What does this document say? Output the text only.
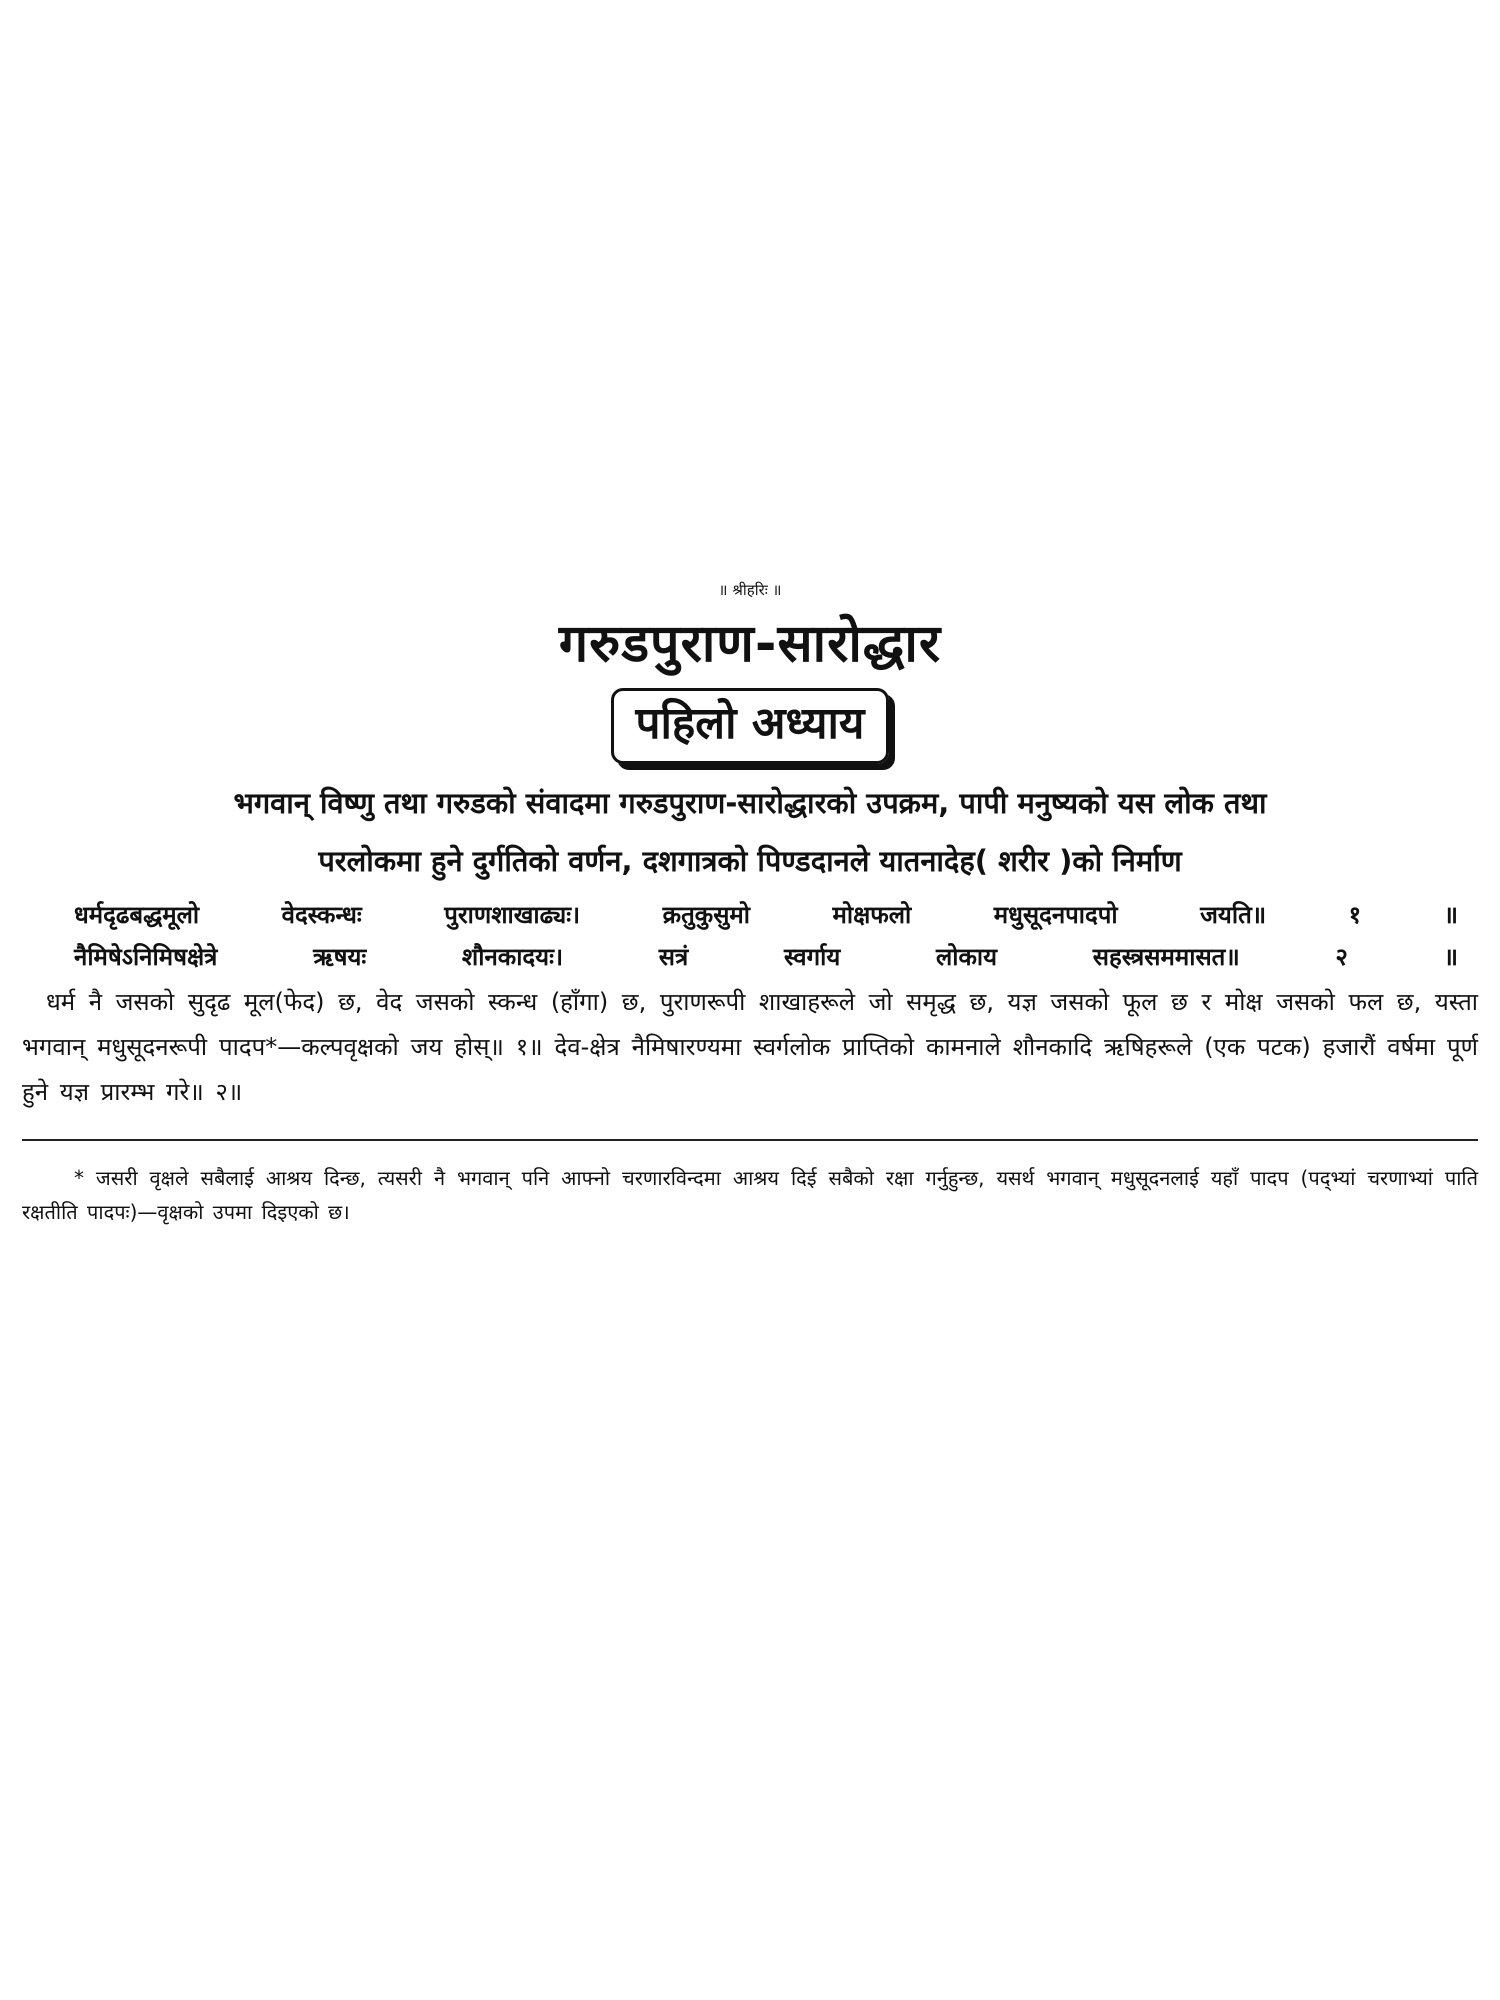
॥ श्रीहरिः ॥
गरुडपुराण-सारोद्धार
पहिलो अध्याय
भगवान् विष्णु तथा गरुडको संवादमा गरुडपुराण-सारोद्धारको उपक्रम, पापी मनुष्यको यस लोक तथा
परलोकमा हुने दुर्गतिको वर्णन, दशगात्रको पिण्डदानले यातनादेह( शरीर )को निर्माण
धर्मदृढबद्धमूलो वेदस्कन्धः पुराणशाखाढ्यः। क्रतुकुसुमो मोक्षफलो मधुसूदनपादपो जयति॥ १ ॥
नैमिषेऽनिमिषक्षेत्रे ऋषयः शौनकादयः। सत्रं स्वर्गाय लोकाय सहस्त्रसममासत॥ २ ॥

धर्म नै जसको सुदृढ मूल(फेद) छ, वेद जसको स्कन्ध (हाँगा) छ, पुराणरूपी शाखाहरूले जो समृद्ध छ, यज्ञ जसको फूल छ र मोक्ष जसको फल छ, यस्ता भगवान् मधुसूदनरूपी पादप*—कल्पवृक्षको जय होस्॥ १॥ देव-क्षेत्र नैमिषारण्यमा स्वर्गलोक प्राप्तिको कामनाले शौनकादि ऋषिहरूले (एक पटक) हजारौं वर्षमा पूर्ण हुने यज्ञ प्रारम्भ गरे॥ २॥

* जसरी वृक्षले सबैलाई आश्रय दिन्छ, त्यसरी नै भगवान् पनि आफ्नो चरणारविन्दमा आश्रय दिई सबैको रक्षा गर्नुहुन्छ, यसर्थ भगवान् मधुसूदनलाई यहाँ पादप (पद्भ्यां चरणाभ्यां पाति रक्षतीति पादपः)—वृक्षको उपमा दिइएको छ।
